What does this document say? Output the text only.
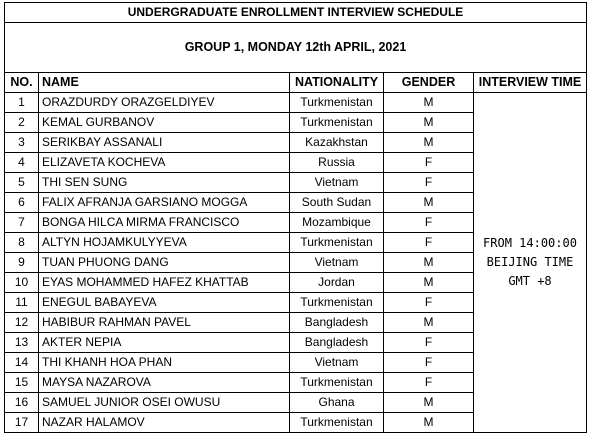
UNDERGRADUATE ENROLLMENT INTERVIEW SCHEDULE				
GROUP 1, MONDAY 12th APRIL, 2021				
NO.	NAME	NATIONALITY	GENDER	INTERVIEW TIME
1	ORAZDURDY ORAZGELDIYEV	Turkmenistan	M	FROM 14:00:00
BEIJING TIME
GMT +8

2	KEMAL GURBANOV	Turkmenistan	M	
3	SERIKBAY ASSANALI	Kazakhstan	M	
4	ELIZAVETA KOCHEVA	Russia	F	
5	THI SEN SUNG	Vietnam	F	
6	FALIX AFRANJA GARSIANO MOGGA	South Sudan	M	
7	BONGA HILCA MIRMA FRANCISCO	Mozambique	F	
8	ALTYN HOJAMKULYYEVA	Turkmenistan	F	
9	TUAN PHUONG DANG	Vietnam	M	
10	EYAS MOHAMMED HAFEZ KHATTAB	Jordan	M	
11	ENEGUL BABAYEVA	Turkmenistan	F	
12	HABIBUR RAHMAN PAVEL	Bangladesh	M	
13	AKTER NEPIA	Bangladesh	F	
14	THI KHANH HOA PHAN	Vietnam	F	
15	MAYSA NAZAROVA	Turkmenistan	F	
16	SAMUEL JUNIOR OSEI OWUSU	Ghana	M	
17	NAZAR HALAMOV	Turkmenistan	M	
